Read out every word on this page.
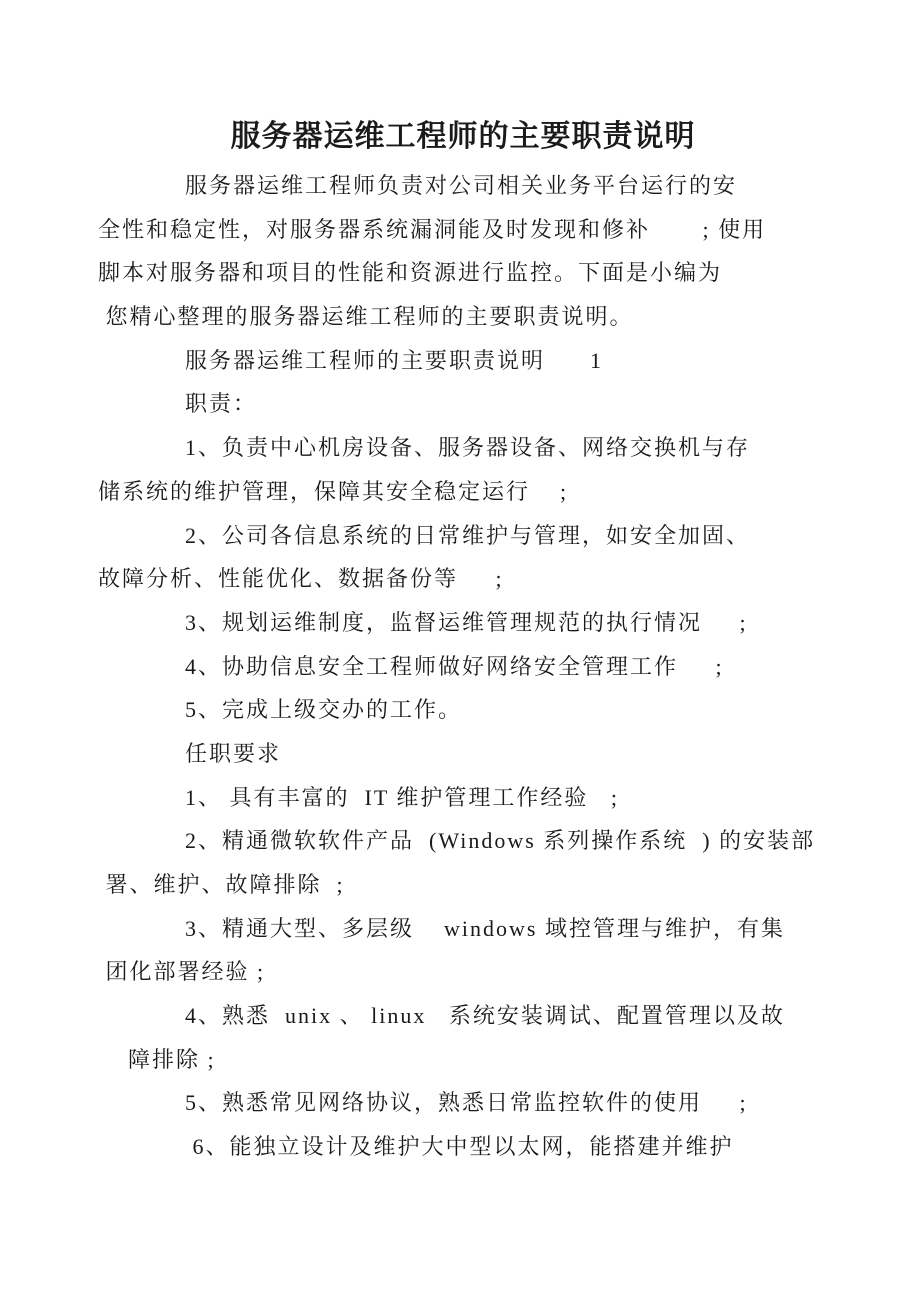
服务器运维工程师的主要职责说明
服务器运维工程师负责对公司相关业务平台运行的安
全性和稳定性，对服务器系统漏洞能及时发现和修补       ; 使用
脚本对服务器和项目的性能和资源进行监控。下面是小编为
您精心整理的服务器运维工程师的主要职责说明。
服务器运维工程师的主要职责说明      1
职责：
1、负责中心机房设备、服务器设备、网络交换机与存
储系统的维护管理，保障其安全稳定运行    ;
2、公司各信息系统的日常维护与管理，如安全加固、
故障分析、性能优化、数据备份等     ;
3、规划运维制度，监督运维管理规范的执行情况     ;
4、协助信息安全工程师做好网络安全管理工作     ;
5、完成上级交办的工作。
任职要求
1、 具有丰富的  IT 维护管理工作经验   ;
2、精通微软软件产品  (Windows 系列操作系统  ) 的安装部
署、维护、故障排除  ;
3、精通大型、多层级    windows 域控管理与维护，有集
团化部署经验 ;
4、熟悉  unix 、 linux   系统安装调试、配置管理以及故
障排除 ;
5、熟悉常见网络协议，熟悉日常监控软件的使用     ;
6、能独立设计及维护大中型以太网，能搭建并维护
